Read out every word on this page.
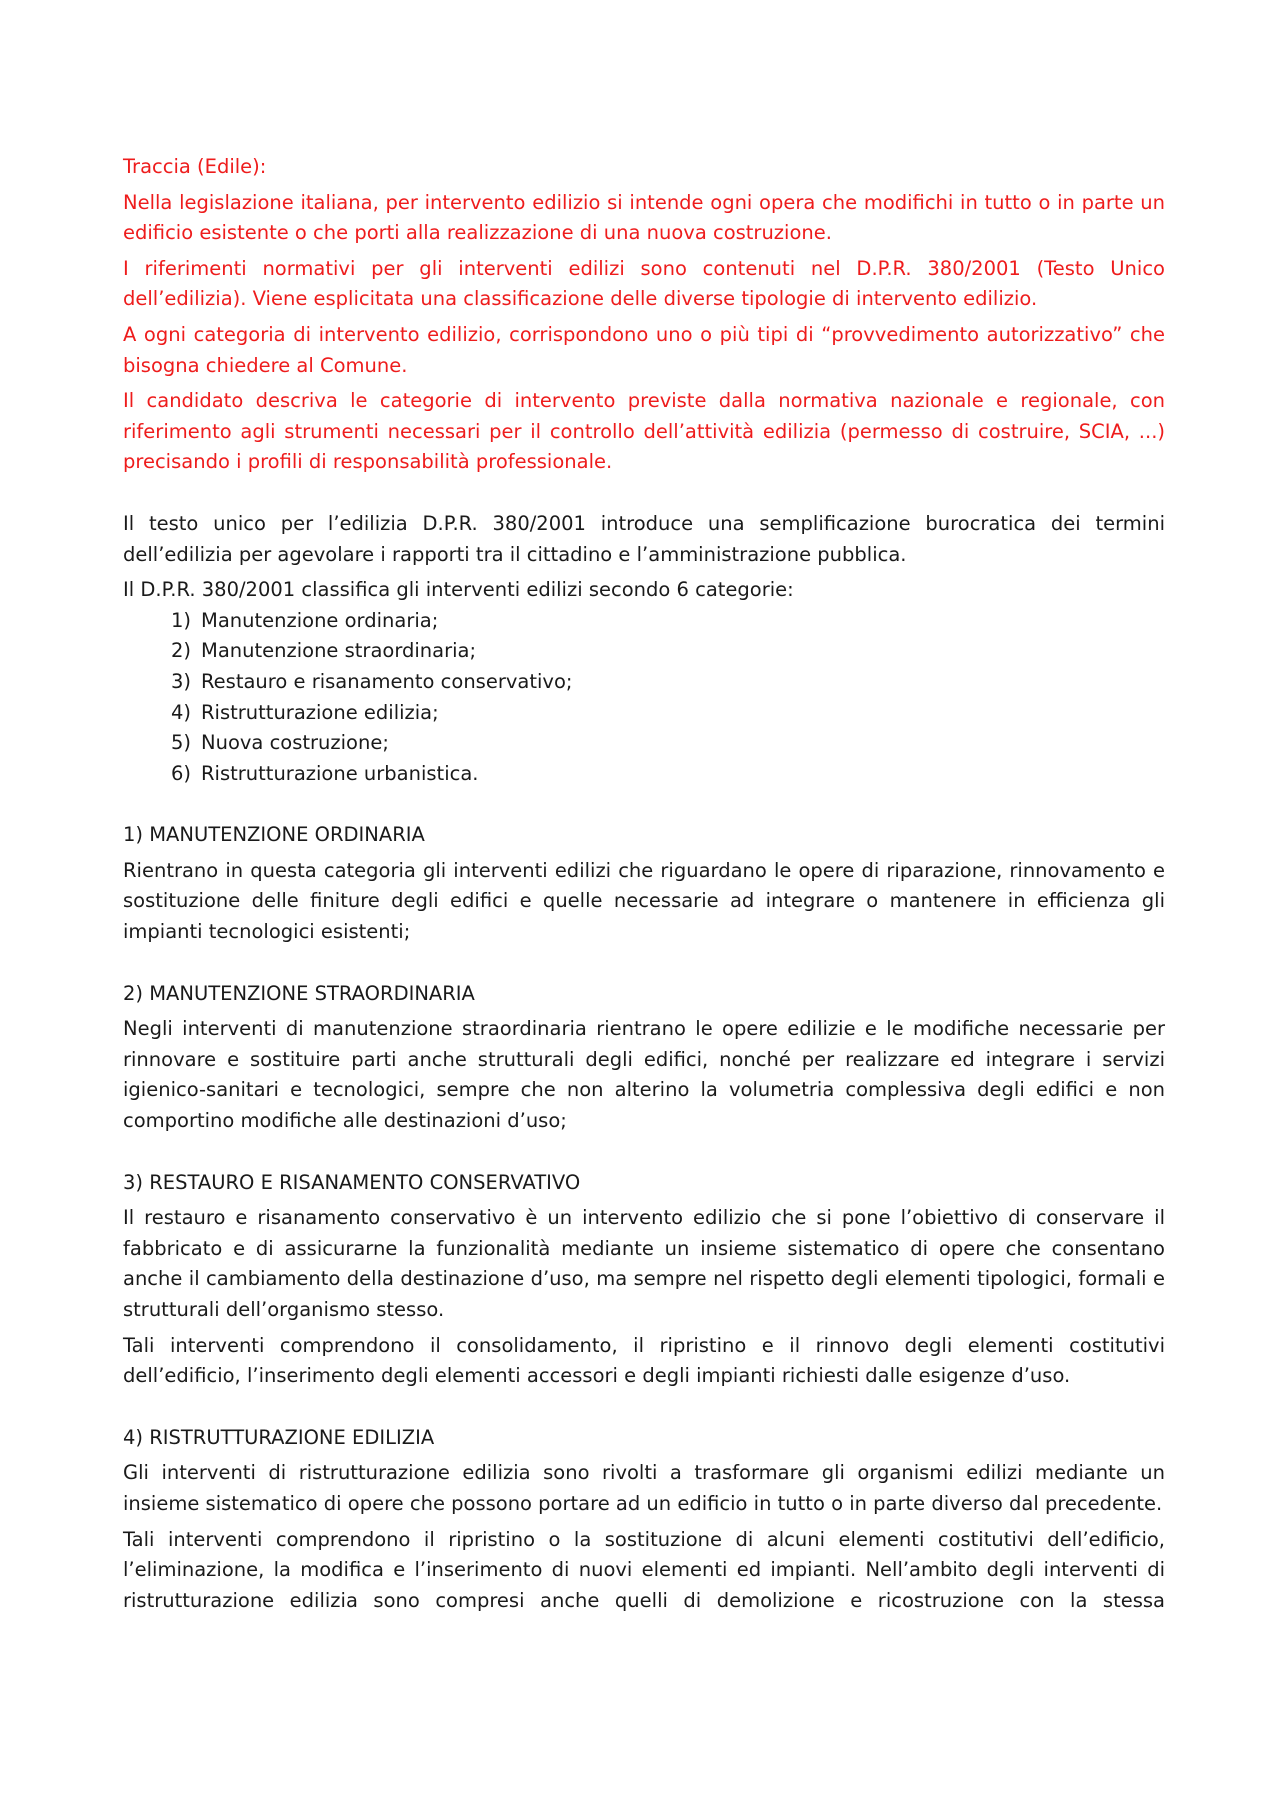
Traccia (Edile):

Nella legislazione italiana, per intervento edilizio si intende ogni opera che modifichi in tutto o in parte un edificio esistente o che porti alla realizzazione di una nuova costruzione.

I riferimenti normativi per gli interventi edilizi sono contenuti nel D.P.R. 380/2001 (Testo Unico dell’edilizia). Viene esplicitata una classificazione delle diverse tipologie di intervento edilizio.

A ogni categoria di intervento edilizio, corrispondono uno o più tipi di “provvedimento autorizzativo” che bisogna chiedere al Comune.

Il candidato descriva le categorie di intervento previste dalla normativa nazionale e regionale, con riferimento agli strumenti necessari per il controllo dell’attività edilizia (permesso di costruire, SCIA, ...) precisando i profili di responsabilità professionale.

Il testo unico per l’edilizia D.P.R. 380/2001 introduce una semplificazione burocratica dei termini dell’edilizia per agevolare i rapporti tra il cittadino e l’amministrazione pubblica.

Il D.P.R. 380/2001 classifica gli interventi edilizi secondo 6 categorie:

1) Manutenzione ordinaria;
2) Manutenzione straordinaria;
3) Restauro e risanamento conservativo;
4) Ristrutturazione edilizia;
5) Nuova costruzione;
6) Ristrutturazione urbanistica.

1) MANUTENZIONE ORDINARIA

Rientrano in questa categoria gli interventi edilizi che riguardano le opere di riparazione, rinnovamento e sostituzione delle finiture degli edifici e quelle necessarie ad integrare o mantenere in efficienza gli impianti tecnologici esistenti;

2) MANUTENZIONE STRAORDINARIA

Negli interventi di manutenzione straordinaria rientrano le opere edilizie e le modifiche necessarie per rinnovare e sostituire parti anche strutturali degli edifici, nonché per realizzare ed integrare i servizi igienico-sanitari e tecnologici, sempre che non alterino la volumetria complessiva degli edifici e non comportino modifiche alle destinazioni d’uso;

3) RESTAURO E RISANAMENTO CONSERVATIVO

Il restauro e risanamento conservativo è un intervento edilizio che si pone l’obiettivo di conservare il fabbricato e di assicurarne la funzionalità mediante un insieme sistematico di opere che consentano anche il cambiamento della destinazione d’uso, ma sempre nel rispetto degli elementi tipologici, formali e strutturali dell’organismo stesso.

Tali interventi comprendono il consolidamento, il ripristino e il rinnovo degli elementi costitutivi dell’edificio, l’inserimento degli elementi accessori e degli impianti richiesti dalle esigenze d’uso.

4) RISTRUTTURAZIONE EDILIZIA

Gli interventi di ristrutturazione edilizia sono rivolti a trasformare gli organismi edilizi mediante un insieme sistematico di opere che possono portare ad un edificio in tutto o in parte diverso dal precedente.

Tali interventi comprendono il ripristino o la sostituzione di alcuni elementi costitutivi dell’edificio, l’eliminazione, la modifica e l’inserimento di nuovi elementi ed impianti. Nell’ambito degli interventi di ristrutturazione edilizia sono compresi anche quelli di demolizione e ricostruzione con la stessa
